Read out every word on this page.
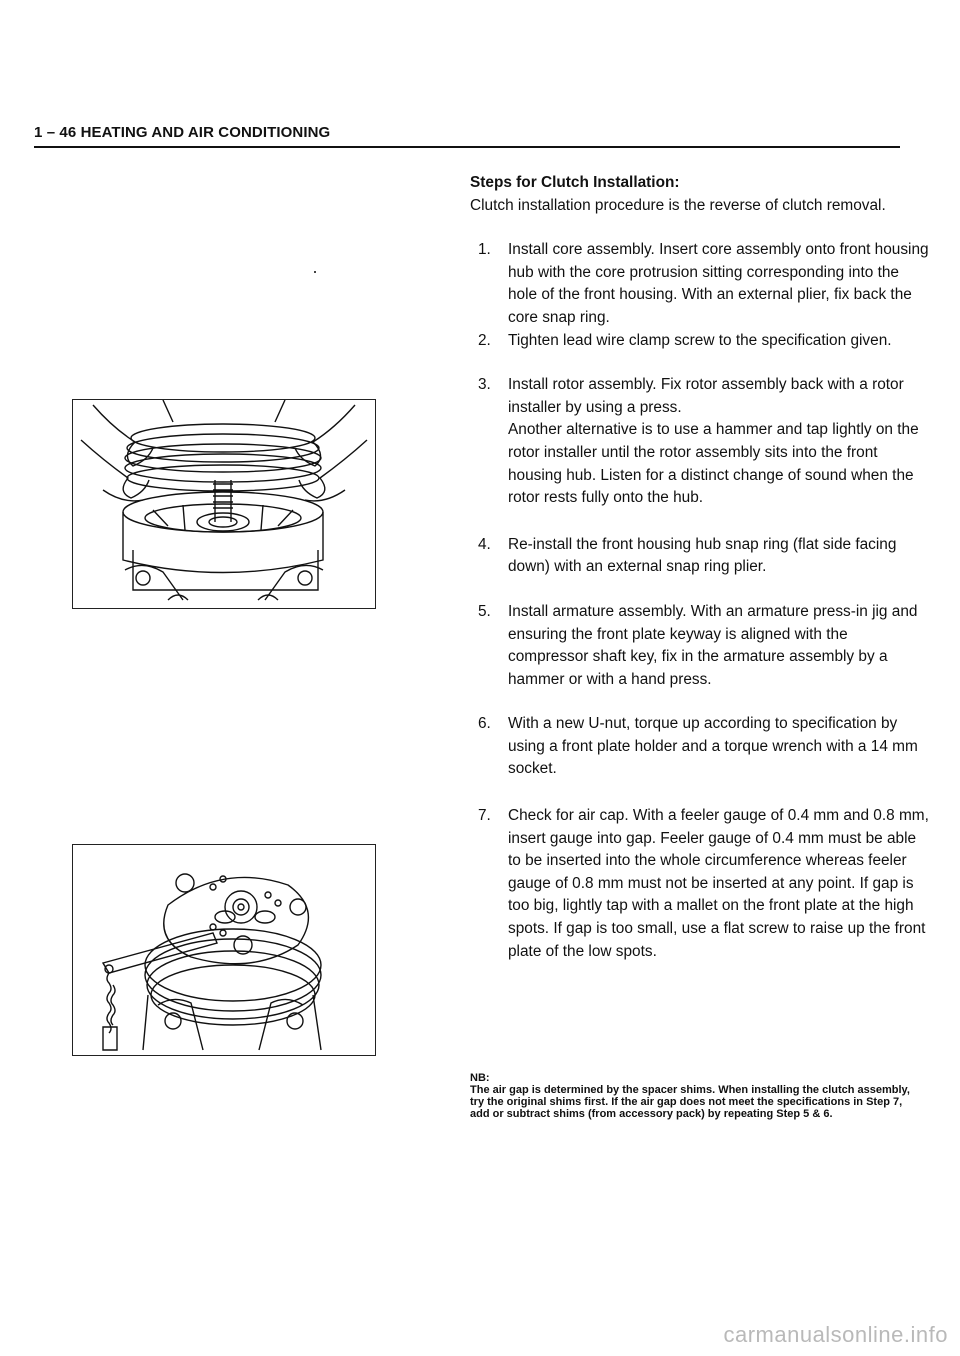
1 – 46 HEATING AND AIR CONDITIONING

Steps for Clutch Installation:

Clutch installation procedure is the reverse of clutch removal.

1.	Install core assembly. Insert core assembly onto front housing hub with the core protrusion sitting corresponding into the hole of the front housing. With an external plier, fix back the core snap ring.
2.	Tighten lead wire clamp screw to the specification given.
3.	Install rotor assembly. Fix rotor assembly back with a rotor installer by using a press.
Another alternative is to use a hammer and tap lightly on the rotor installer until the rotor assembly sits into the front housing hub. Listen for a distinct change of sound when the rotor rests fully onto the hub.
4.	Re-install the front housing hub snap ring (flat side facing down) with an external snap ring plier.
5.	Install armature assembly. With an armature press-in jig and ensuring the front plate keyway is aligned with the compressor shaft key, fix in the armature assembly by a hammer or with a hand press.
6.	With a new U-nut, torque up according to specification by using a front plate holder and a torque wrench with a 14 mm socket.
7.	Check for air cap. With a feeler gauge of 0.4 mm and 0.8 mm, insert gauge into gap. Feeler gauge of 0.4 mm must be able to be inserted into the whole circumference whereas feeler gauge of 0.8 mm must not be inserted at any point. If gap is too big, lightly tap with a mallet on the front plate at the high spots. If gap is too small, use a flat screw to raise up the front plate of the low spots.
NB:
The air gap is determined by the spacer shims. When installing the clutch assembly, try the original shims first. If the air gap does not meet the specifications in Step 7, add or subtract shims (from accessory pack) by repeating Step 5 & 6.
carmanualsonline.info
